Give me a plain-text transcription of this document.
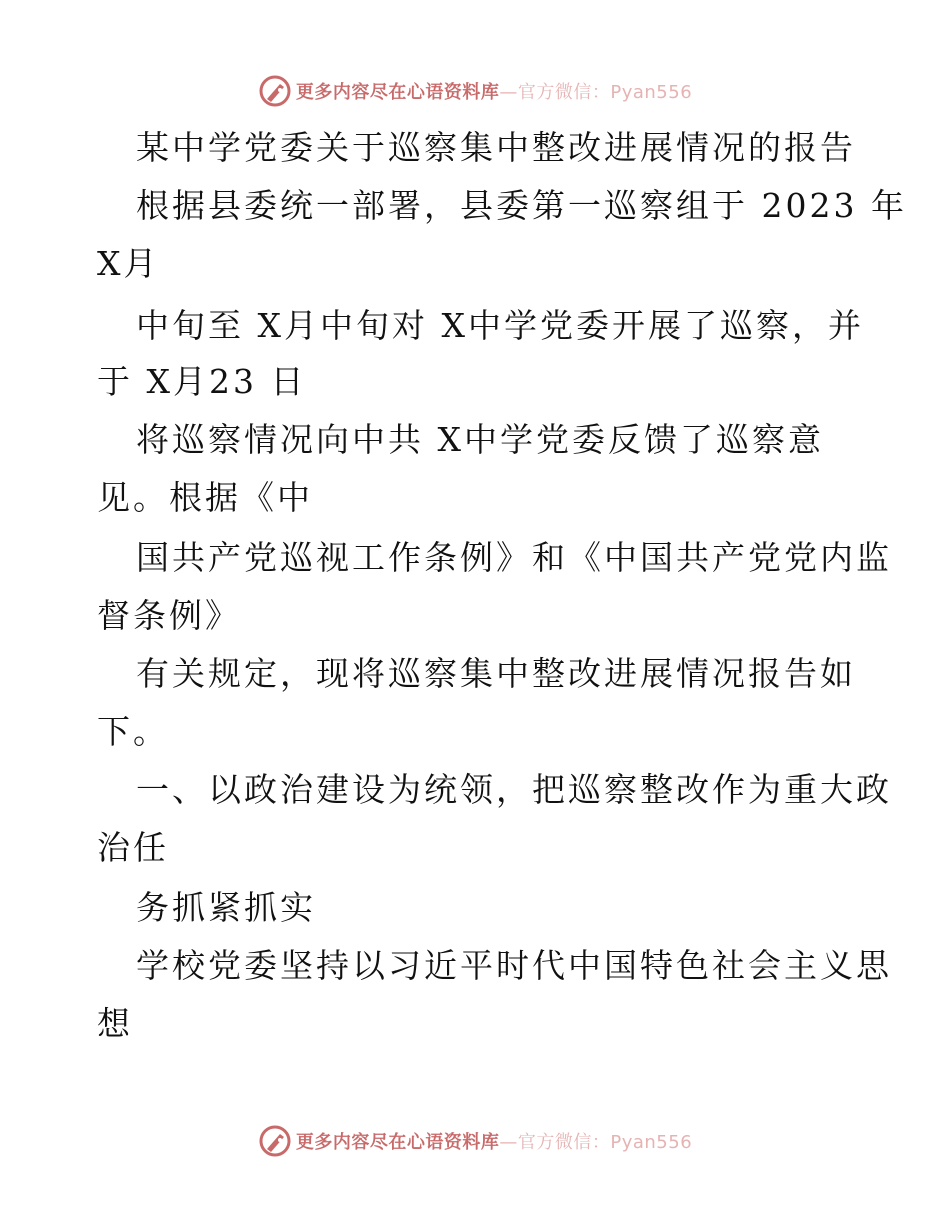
更多内容尽在心语资料库—官方微信：Pyan556
某中学党委关于巡察集中整改进展情况的报告
根据县委统一部署，县委第一巡察组于 2023 年
X月
中旬至 X月中旬对 X中学党委开展了巡察，并
于 X月23 日
将巡察情况向中共 X中学党委反馈了巡察意
见。根据《中
国共产党巡视工作条例》和《中国共产党党内监
督条例》
有关规定，现将巡察集中整改进展情况报告如
下。
一、以政治建设为统领，把巡察整改作为重大政
治任
务抓紧抓实
学校党委坚持以习近平时代中国特色社会主义思
想
更多内容尽在心语资料库—官方微信：Pyan556
